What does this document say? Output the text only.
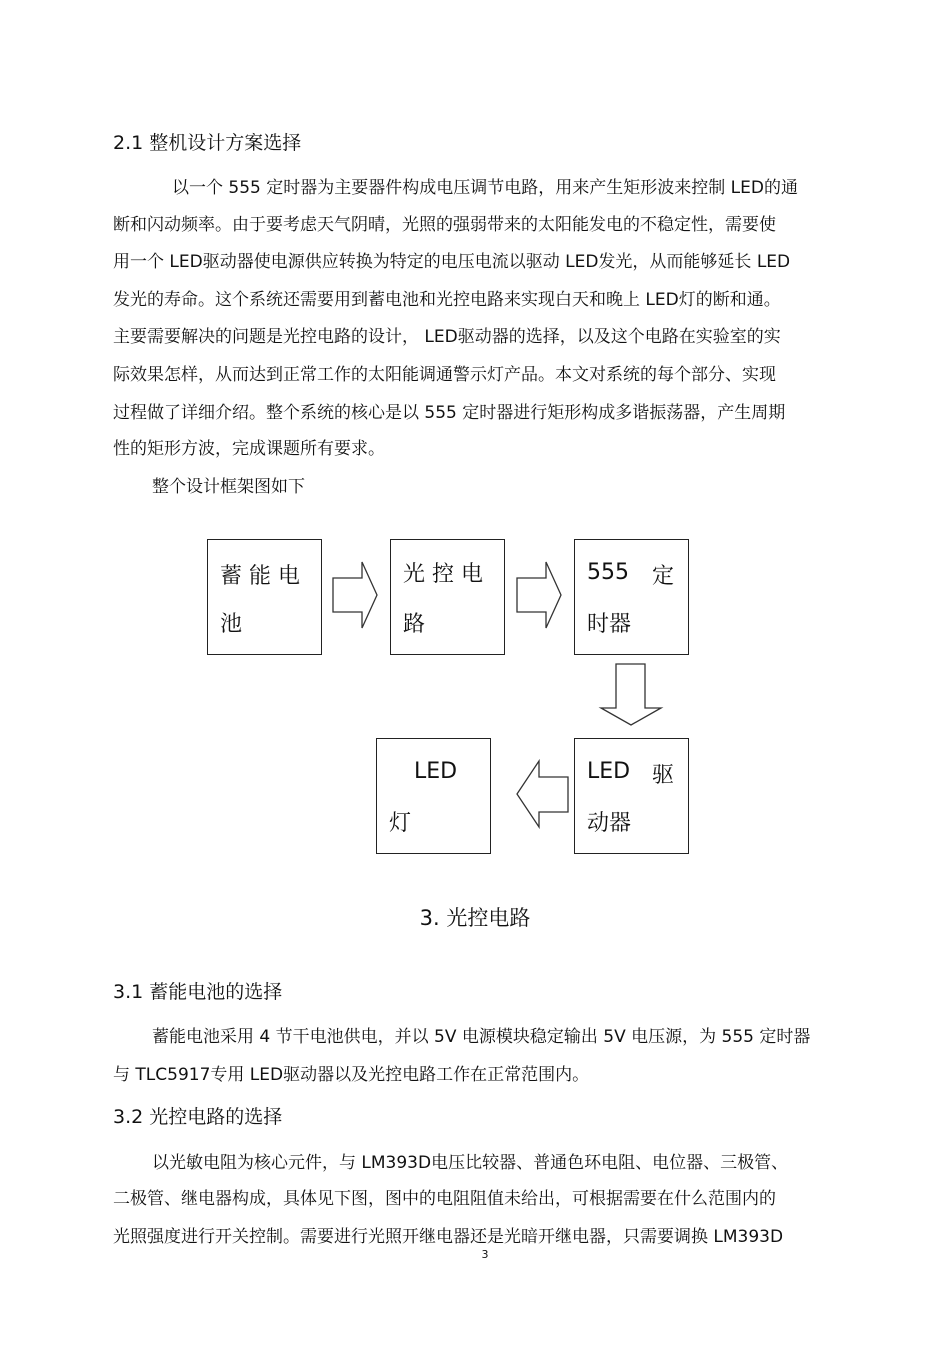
2.1 整机设计方案选择
以一个 555 定时器为主要器件构成电压调节电路，用来产生矩形波来控制 LED的通
断和闪动频率。由于要考虑天气阴晴，光照的强弱带来的太阳能发电的不稳定性，需要使
用一个 LED驱动器使电源供应转换为特定的电压电流以驱动 LED发光，从而能够延长 LED
发光的寿命。这个系统还需要用到蓄电池和光控电路来实现白天和晚上 LED灯的断和通。
主要需要解决的问题是光控电路的设计， LED驱动器的选择，以及这个电路在实验室的实
际效果怎样，从而达到正常工作的太阳能调通警示灯产品。本文对系统的每个部分、实现
过程做了详细介绍。整个系统的核心是以 555 定时器进行矩形构成多谐振荡器，产生周期
性的矩形方波，完成课题所有要求。
整个设计框架图如下
蓄 能 电
池
光 控 电
路
555 定
时器
LED 驱
动器
LED
灯
3. 光控电路
3.1 蓄能电池的选择
蓄能电池采用 4 节干电池供电，并以 5V 电源模块稳定输出 5V 电压源，为 555 定时器
与 TLC5917专用 LED驱动器以及光控电路工作在正常范围内。
3.2 光控电路的选择
以光敏电阻为核心元件，与 LM393D电压比较器、普通色环电阻、电位器、三极管、
二极管、继电器构成，具体见下图，图中的电阻阻值未给出，可根据需要在什么范围内的
光照强度进行开关控制。需要进行光照开继电器还是光暗开继电器，只需要调换 LM393D
3
